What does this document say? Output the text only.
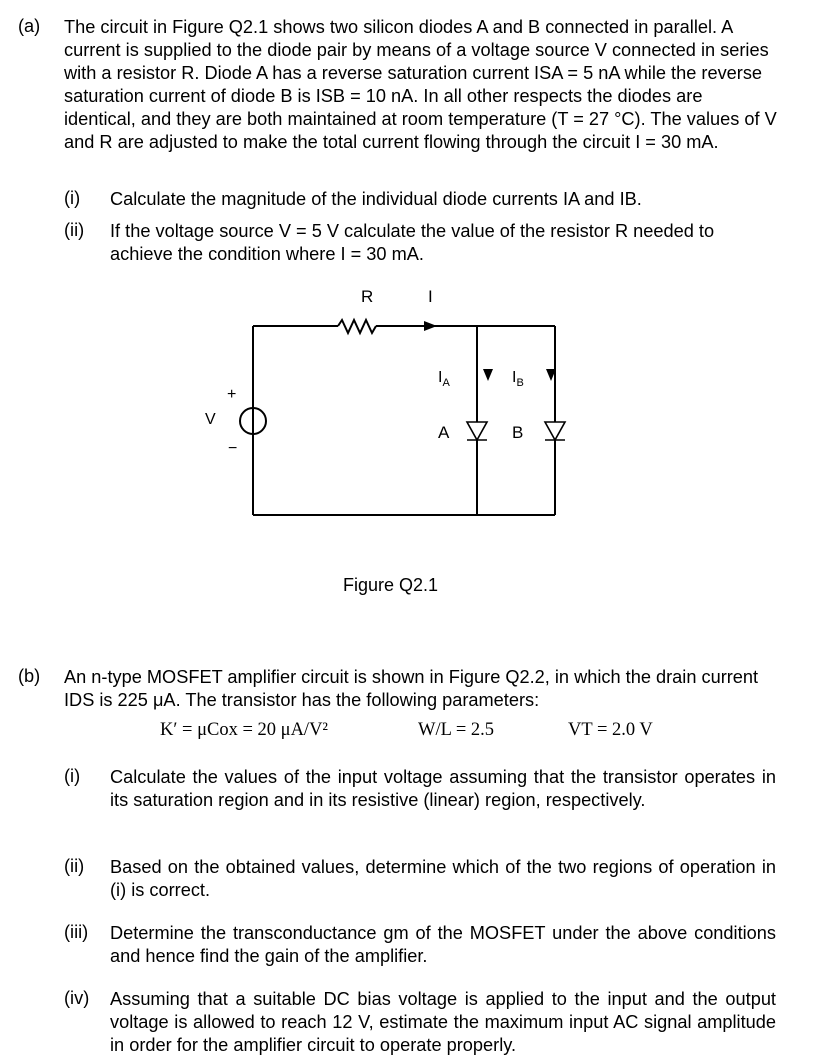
(a) The circuit in Figure Q2.1 shows two silicon diodes A and B connected in parallel. A current is supplied to the diode pair by means of a voltage source V connected in series with a resistor R. Diode A has a reverse saturation current ISA = 5 nA while the reverse saturation current of diode B is ISB = 10 nA. In all other respects the diodes are identical, and they are both maintained at room temperature (T = 27 °C). The values of V and R are adjusted to make the total current flowing through the circuit I = 30 mA.
(i) Calculate the magnitude of the individual diode currents IA and IB.
(ii) If the voltage source V = 5 V calculate the value of the resistor R needed to achieve the condition where I = 30 mA.
R	I
+
V
−
$I_A$	$I_B$
A	B
Figure Q2.1
(b) An n-type MOSFET amplifier circuit is shown in Figure Q2.2, in which the drain current IDS is 225 μA. The transistor has the following parameters:
K′ = μCox = 20 μA/V²	W/L = 2.5	VT = 2.0 V
(i) Calculate the values of the input voltage assuming that the transistor operates in its saturation region and in its resistive (linear) region, respectively.
(ii) Based on the obtained values, determine which of the two regions of operation in (i) is correct.
(iii) Determine the transconductance gm of the MOSFET under the above conditions and hence find the gain of the amplifier.
(iv) Assuming that a suitable DC bias voltage is applied to the input and the output voltage is allowed to reach 12 V, estimate the maximum input AC signal amplitude in order for the amplifier circuit to operate properly.
